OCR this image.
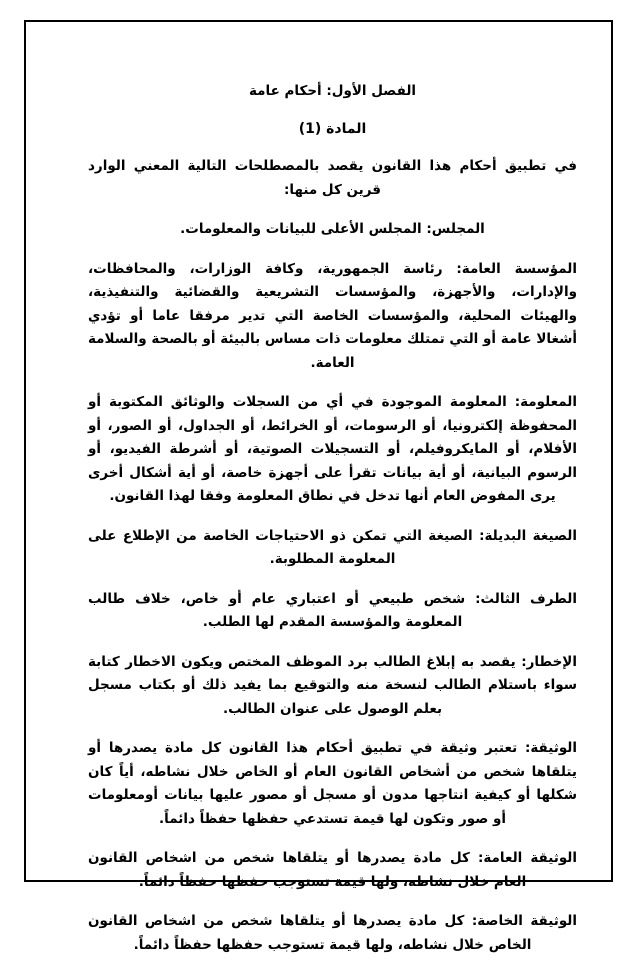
الفصل الأول: أحكام عامة

المادة (1)

في تطبيق أحكام هذا القانون يقصد بالمصطلحات التالية المعني الوارد قرين كل منها:

المجلس: المجلس الأعلى للبيانات والمعلومات.

المؤسسة العامة: رئاسة الجمهورية، وكافة الوزارات، والمحافظات، والإدارات، والأجهزة، والمؤسسات التشريعية والقضائية والتنفيذية، والهيئات المحلية، والمؤسسات الخاصة التي تدير مرفقا عاما أو تؤدي أشغالا عامة أو التي تمتلك معلومات ذات مساس بالبيئة أو بالصحة والسلامة العامة.

المعلومة: المعلومة الموجودة في أي من السجلات والوثائق المكتوبة أو المحفوظة إلكترونيا، أو الرسومات، أو الخرائط، أو الجداول، أو الصور، أو الأفلام، أو المايكروفيلم، أو التسجيلات الصوتية، أو أشرطة الفيديو، أو الرسوم البيانية، أو أية بيانات تقرأ على أجهزة خاصة، أو أية أشكال أخرى يرى المفوض العام أنها تدخل في نطاق المعلومة وفقا لهذا القانون.

الصيغة البديلة: الصيغة التي تمكن ذو الاحتياجات الخاصة من الإطلاع على المعلومة المطلوبة.

الطرف الثالث: شخص طبيعي أو اعتباري عام أو خاص، خلاف طالب المعلومة والمؤسسة المقدم لها الطلب.

الإخطار: يقصد به إبلاغ الطالب برد الموظف المختص ويكون الاخطار كتابة سواء باستلام الطالب لنسخة منه والتوقيع بما يفيد ذلك أو بكتاب مسجل بعلم الوصول على عنوان الطالب.

الوثيقة: تعتبر وثيقة في تطبيق أحكام هذا القانون كل مادة يصدرها أو يتلقاها شخص من أشخاص القانون العام أو الخاص خلال نشاطه، أياً كان شكلها أو كيفية انتاجها مدون أو مسجل أو مصور عليها بيانات أومعلومات أو صور وتكون لها قيمة تستدعي حفظها حفظاً دائماً.

الوثيقة العامة: كل مادة يصدرها أو يتلقاها شخص من اشخاص القانون العام خلال نشاطه، ولها قيمة تستوجب حفظها حفظاً دائماً.

الوثيقة الخاصة: كل مادة يصدرها أو يتلقاها شخص من اشخاص القانون الخاص خلال نشاطه، ولها قيمة تستوجب حفظها حفظاً دائماً.
